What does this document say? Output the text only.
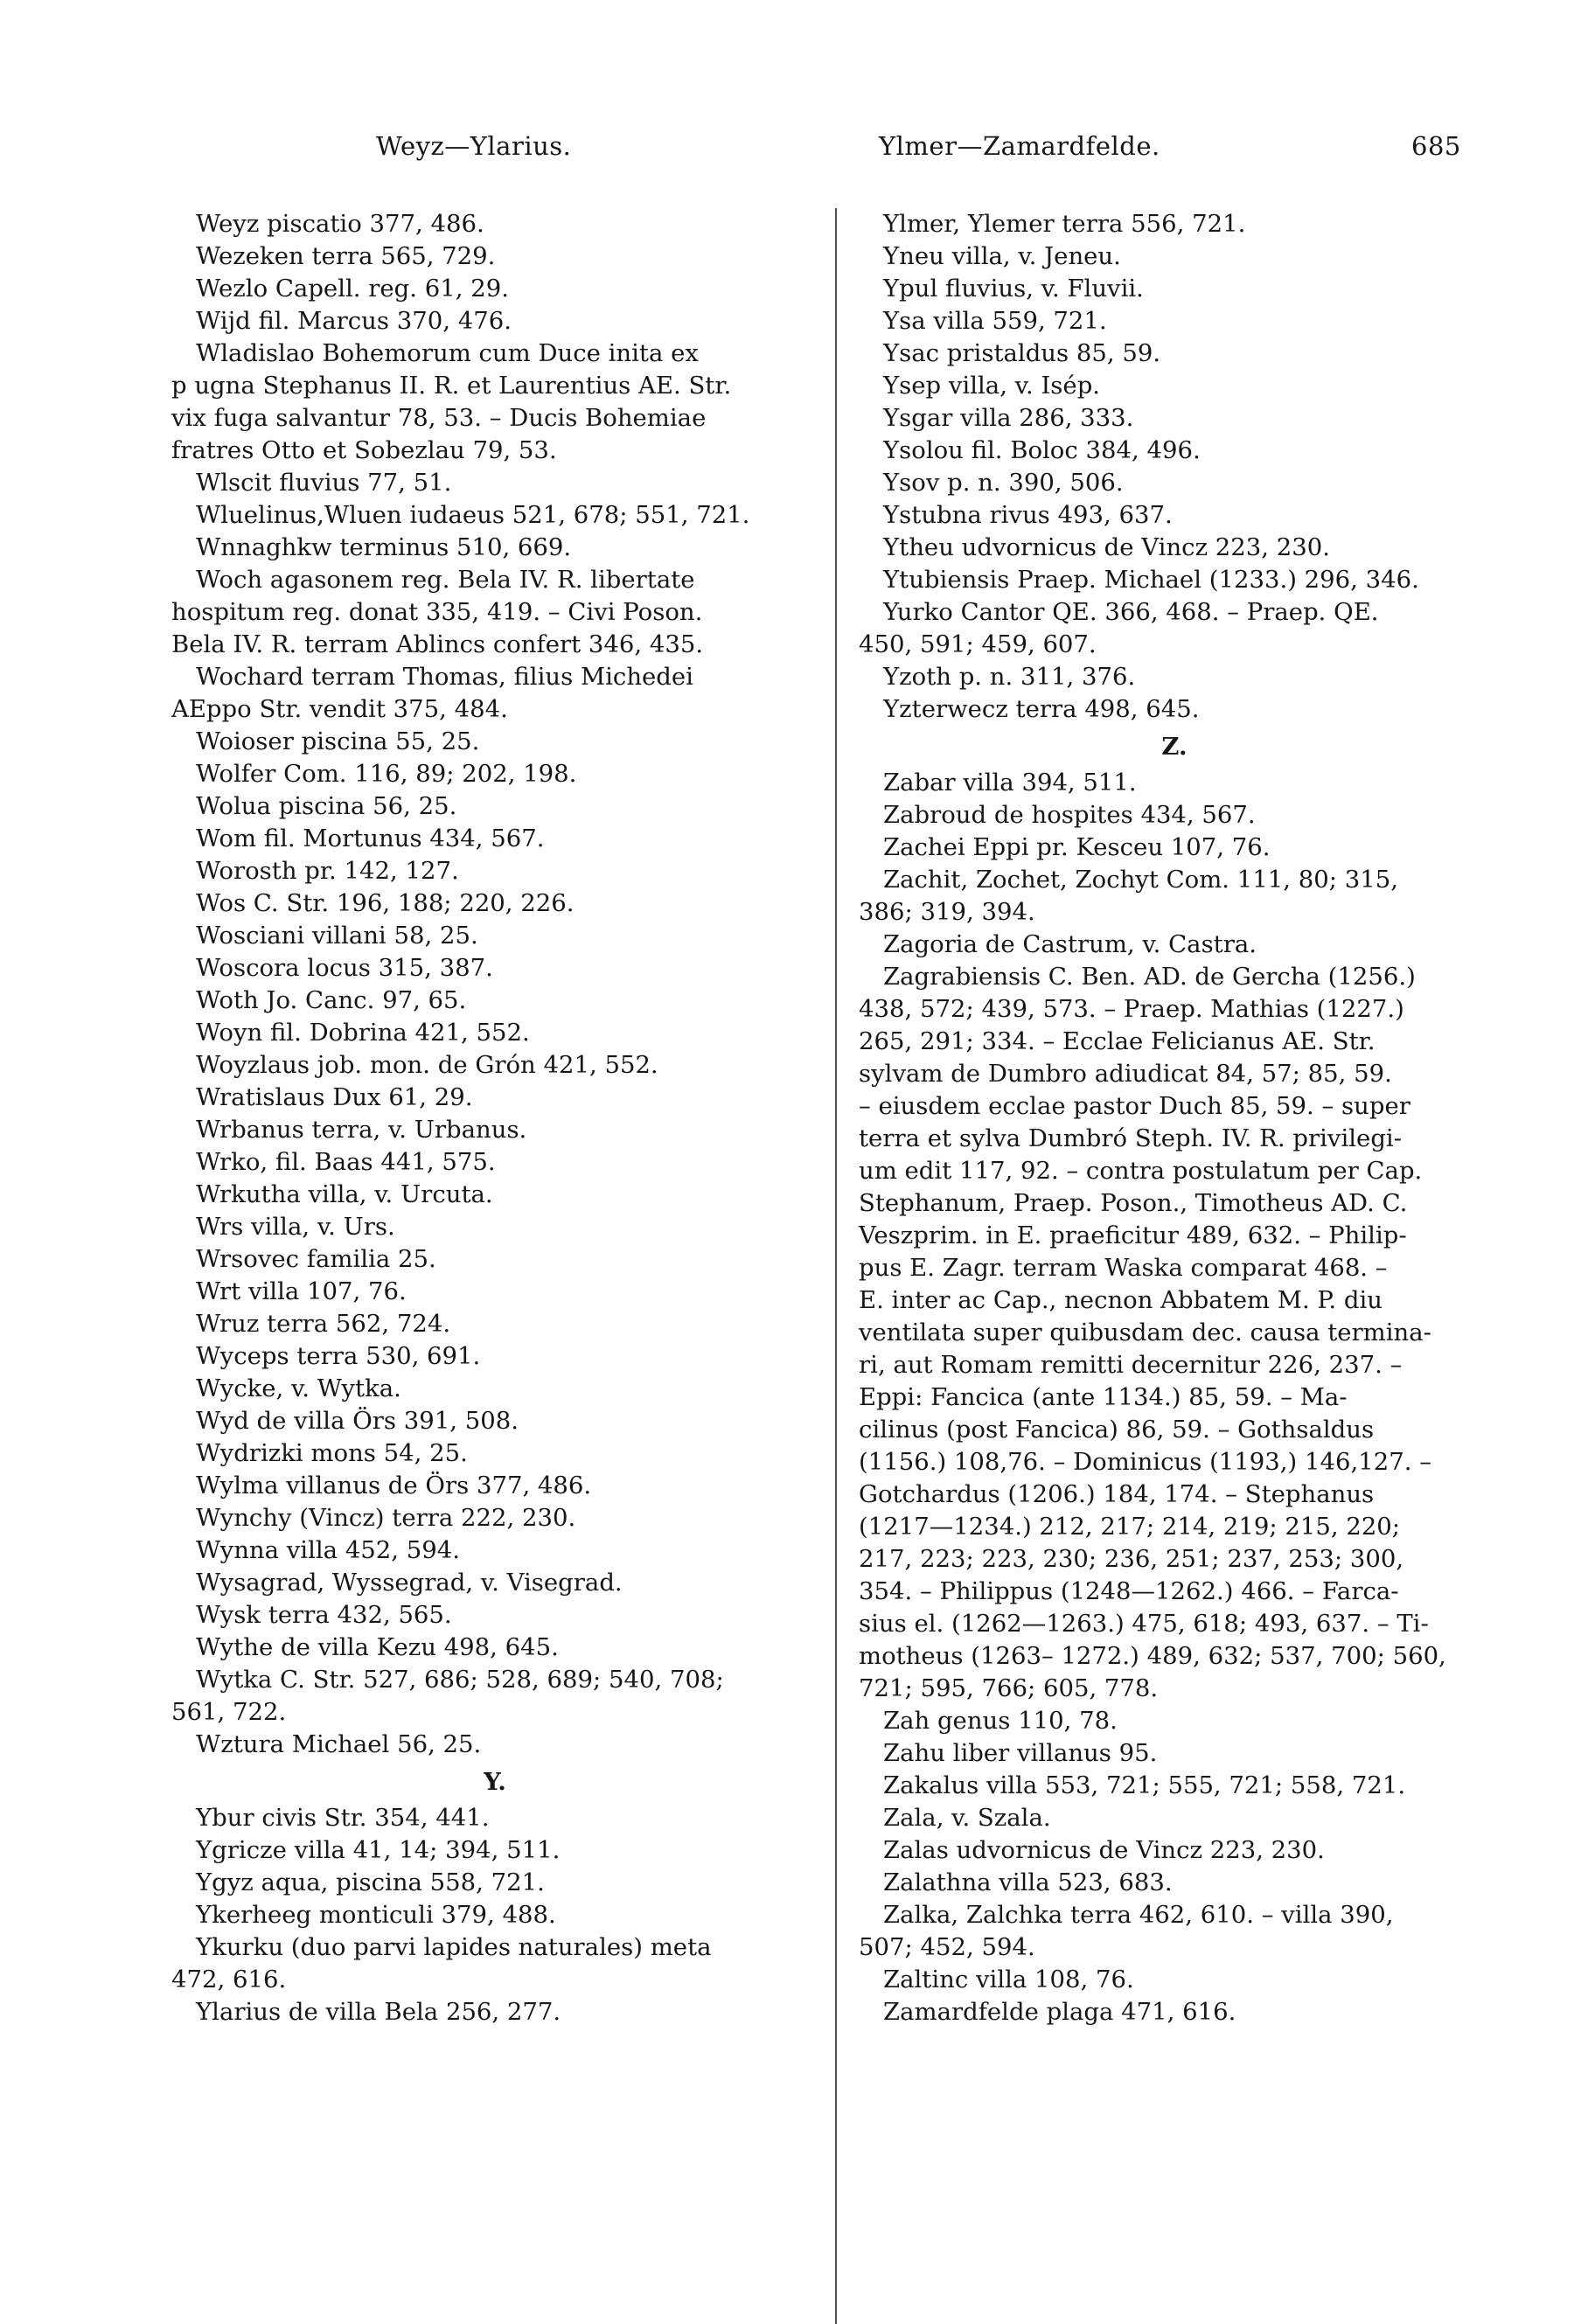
Weyz—Ylarius.	Ylmer—Zamardfelde.	685
Weyz piscatio 377, 486.
Wezeken terra 565, 729.
Wezlo Capell. reg. 61, 29.
Wijd fil. Marcus 370, 476.
Wladislao Bohemorum cum Duce inita ex
p ugna Stephanus II. R. et Laurentius AE. Str.
vix fuga salvantur 78, 53. – Ducis Bohemiae
fratres Otto et Sobezlau 79, 53.
Wlscit fluvius 77, 51.
Wluelinus,Wluen iudaeus 521, 678; 551, 721.
Wnnaghkw terminus 510, 669.
Woch agasonem reg. Bela IV. R. libertate
hospitum reg. donat 335, 419. – Civi Poson.
Bela IV. R. terram Ablincs confert 346, 435.
Wochard terram Thomas, filius Michedei
AEppo Str. vendit 375, 484.
Woioser piscina 55, 25.
Wolfer Com. 116, 89; 202, 198.
Wolua piscina 56, 25.
Wom fil. Mortunus 434, 567.
Worosth pr. 142, 127.
Wos C. Str. 196, 188; 220, 226.
Wosciani villani 58, 25.
Woscora locus 315, 387.
Woth Jo. Canc. 97, 65.
Woyn fil. Dobrina 421, 552.
Woyzlaus job. mon. de Grón 421, 552.
Wratislaus Dux 61, 29.
Wrbanus terra, v. Urbanus.
Wrko, fil. Baas 441, 575.
Wrkutha villa, v. Urcuta.
Wrs villa, v. Urs.
Wrsovec familia 25.
Wrt villa 107, 76.
Wruz terra 562, 724.
Wyceps terra 530, 691.
Wycke, v. Wytka.
Wyd de villa Örs 391, 508.
Wydrizki mons 54, 25.
Wylma villanus de Örs 377, 486.
Wynchy (Vincz) terra 222, 230.
Wynna villa 452, 594.
Wysagrad, Wyssegrad, v. Visegrad.
Wysk terra 432, 565.
Wythe de villa Kezu 498, 645.
Wytka C. Str. 527, 686; 528, 689; 540, 708;
561, 722.
Wztura Michael 56, 25.
Y.
Ybur civis Str. 354, 441.
Ygricze villa 41, 14; 394, 511.
Ygyz aqua, piscina 558, 721.
Ykerheeg monticuli 379, 488.
Ykurku (duo parvi lapides naturales) meta
472, 616.
Ylarius de villa Bela 256, 277.
Ylmer, Ylemer terra 556, 721.
Yneu villa, v. Jeneu.
Ypul fluvius, v. Fluvii.
Ysa villa 559, 721.
Ysac pristaldus 85, 59.
Ysep villa, v. Isép.
Ysgar villa 286, 333.
Ysolou fil. Boloc 384, 496.
Ysov p. n. 390, 506.
Ystubna rivus 493, 637.
Ytheu udvornicus de Vincz 223, 230.
Ytubiensis Praep. Michael (1233.) 296, 346.
Yurko Cantor QE. 366, 468. – Praep. QE.
450, 591; 459, 607.
Yzoth p. n. 311, 376.
Yzterwecz terra 498, 645.
Z.
Zabar villa 394, 511.
Zabroud de hospites 434, 567.
Zachei Eppi pr. Kesceu 107, 76.
Zachit, Zochet, Zochyt Com. 111, 80; 315,
386; 319, 394.
Zagoria de Castrum, v. Castra.
Zagrabiensis C. Ben. AD. de Gercha (1256.)
438, 572; 439, 573. – Praep. Mathias (1227.)
265, 291; 334. – Ecclae Felicianus AE. Str.
sylvam de Dumbro adiudicat 84, 57; 85, 59.
– eiusdem ecclae pastor Duch 85, 59. – super
terra et sylva Dumbró Steph. IV. R. privilegi-
um edit 117, 92. – contra postulatum per Cap.
Stephanum, Praep. Poson., Timotheus AD. C.
Veszprim. in E. praeficitur 489, 632. – Philip-
pus E. Zagr. terram Waska comparat 468. –
E. inter ac Cap., necnon Abbatem M. P. diu
ventilata super quibusdam dec. causa termina-
ri, aut Romam remitti decernitur 226, 237. –
Eppi: Fancica (ante 1134.) 85, 59. – Ma-
cilinus (post Fancica) 86, 59. – Gothsaldus
(1156.) 108,76. – Dominicus (1193,) 146,127. –
Gotchardus (1206.) 184, 174. – Stephanus
(1217—1234.) 212, 217; 214, 219; 215, 220;
217, 223; 223, 230; 236, 251; 237, 253; 300,
354. – Philippus (1248—1262.) 466. – Farca-
sius el. (1262—1263.) 475, 618; 493, 637. – Ti-
motheus (1263– 1272.) 489, 632; 537, 700; 560,
721; 595, 766; 605, 778.
Zah genus 110, 78.
Zahu liber villanus 95.
Zakalus villa 553, 721; 555, 721; 558, 721.
Zala, v. Szala.
Zalas udvornicus de Vincz 223, 230.
Zalathna villa 523, 683.
Zalka, Zalchka terra 462, 610. – villa 390,
507; 452, 594.
Zaltinc villa 108, 76.
Zamardfelde plaga 471, 616.
